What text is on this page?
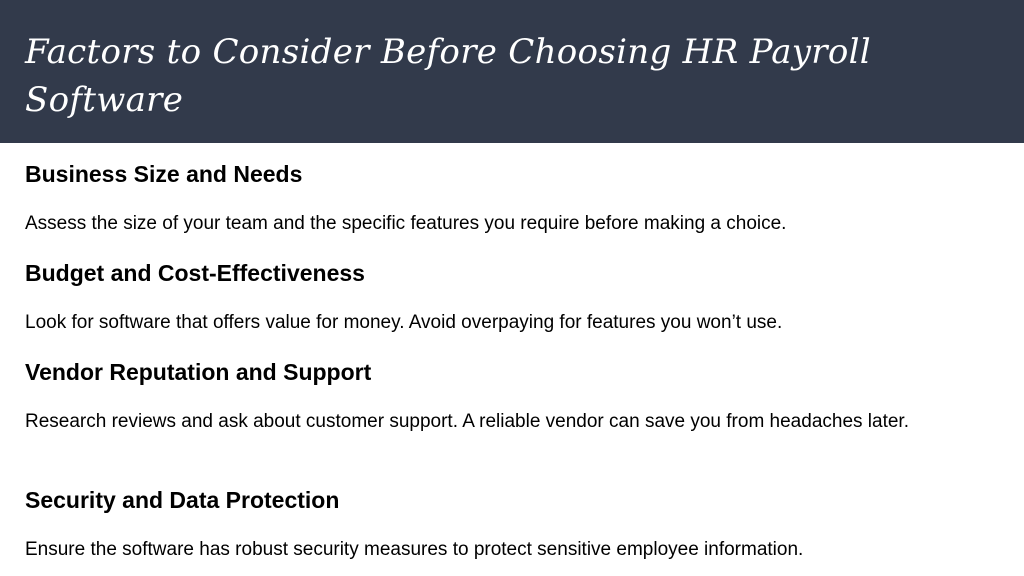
Factors to Consider Before Choosing HR Payroll Software
Business Size and Needs

Assess the size of your team and the specific features you require before making a choice.

Budget and Cost-Effectiveness

Look for software that offers value for money. Avoid overpaying for features you won’t use.

Vendor Reputation and Support

Research reviews and ask about customer support. A reliable vendor can save you from headaches later.

Security and Data Protection

Ensure the software has robust security measures to protect sensitive employee information.
